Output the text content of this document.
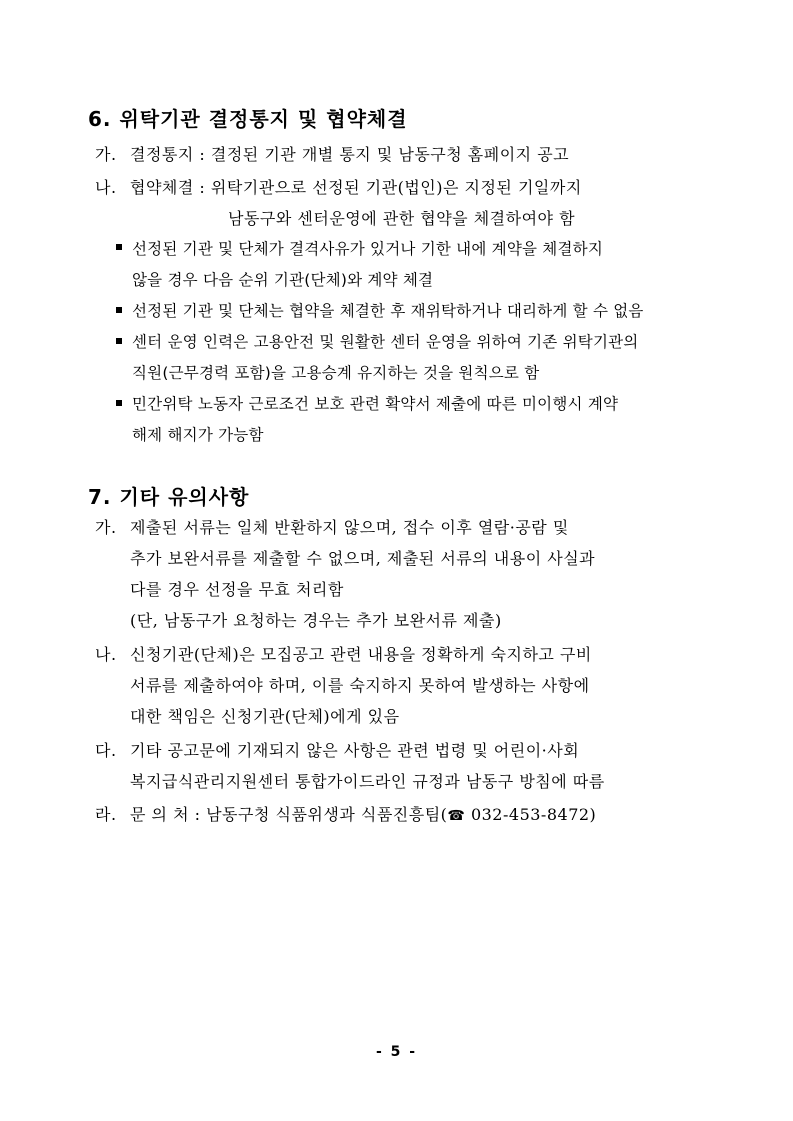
6. 위탁기관 결정통지 및 협약체결
가. 결정통지 : 결정된 기관 개별 통지 및 남동구청 홈페이지 공고
나. 협약체결 : 위탁기관으로 선정된 기관(법인)은 지정된 기일까지
남동구와 센터운영에 관한 협약을 체결하여야 함
선정된 기관 및 단체가 결격사유가 있거나 기한 내에 계약을 체결하지
않을 경우 다음 순위 기관(단체)와 계약 체결
선정된 기관 및 단체는 협약을 체결한 후 재위탁하거나 대리하게 할 수 없음
센터 운영 인력은 고용안전 및 원활한 센터 운영을 위하여 기존 위탁기관의
직원(근무경력 포함)을 고용승계 유지하는 것을 원칙으로 함
민간위탁 노동자 근로조건 보호 관련 확약서 제출에 따른 미이행시 계약
해제 해지가 가능함
7. 기타 유의사항
가. 제출된 서류는 일체 반환하지 않으며, 접수 이후 열람·공람 및
추가 보완서류를 제출할 수 없으며, 제출된 서류의 내용이 사실과
다를 경우 선정을 무효 처리함
(단, 남동구가 요청하는 경우는 추가 보완서류 제출)
나. 신청기관(단체)은 모집공고 관련 내용을 정확하게 숙지하고 구비
서류를 제출하여야 하며, 이를 숙지하지 못하여 발생하는 사항에
대한 책임은 신청기관(단체)에게 있음
다. 기타 공고문에 기재되지 않은 사항은 관련 법령 및 어린이·사회
복지급식관리지원센터 통합가이드라인 규정과 남동구 방침에 따름
라. 문 의 처 : 남동구청 식품위생과 식품진흥팀(☎ 032-453-8472)
- 5 -
